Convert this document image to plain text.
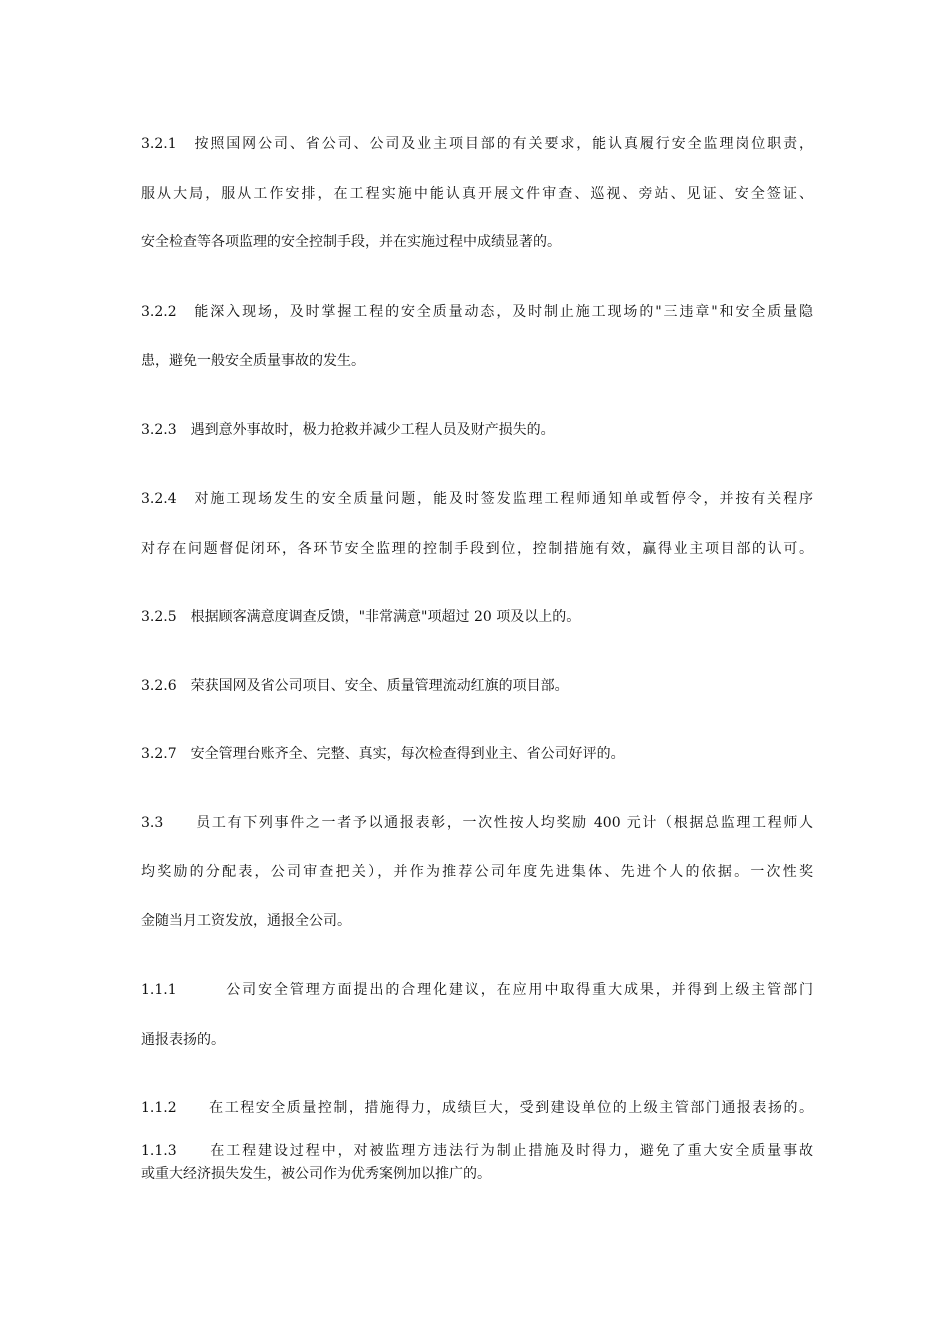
3.2.1　按照国网公司、省公司、公司及业主项目部的有关要求，能认真履行安全监理岗位职责，

服从大局，服从工作安排，在工程实施中能认真开展文件审查、巡视、旁站、见证、安全签证、

安全检查等各项监理的安全控制手段，并在实施过程中成绩显著的。

3.2.2　能深入现场，及时掌握工程的安全质量动态，及时制止施工现场的"三违章"和安全质量隐

患，避免一般安全质量事故的发生。

3.2.3　遇到意外事故时，极力抢救并减少工程人员及财产损失的。

3.2.4　对施工现场发生的安全质量问题，能及时签发监理工程师通知单或暂停令，并按有关程序

对存在问题督促闭环，各环节安全监理的控制手段到位，控制措施有效，赢得业主项目部的认可。

3.2.5　根据顾客满意度调查反馈，"非常满意"项超过 20 项及以上的。

3.2.6　荣获国网及省公司项目、安全、质量管理流动红旗的项目部。

3.2.7　安全管理台账齐全、完整、真实，每次检查得到业主、省公司好评的。

3.3　　员工有下列事件之一者予以通报表彰，一次性按人均奖励 400 元计（根据总监理工程师人

均奖励的分配表，公司审查把关），并作为推荐公司年度先进集体、先进个人的依据。一次性奖

金随当月工资发放，通报全公司。

1.1.1　　　公司安全管理方面提出的合理化建议，在应用中取得重大成果，并得到上级主管部门

通报表扬的。

1.1.2　　在工程安全质量控制，措施得力，成绩巨大，受到建设单位的上级主管部门通报表扬的。

1.1.3　　在工程建设过程中，对被监理方违法行为制止措施及时得力，避免了重大安全质量事故

或重大经济损失发生，被公司作为优秀案例加以推广的。
